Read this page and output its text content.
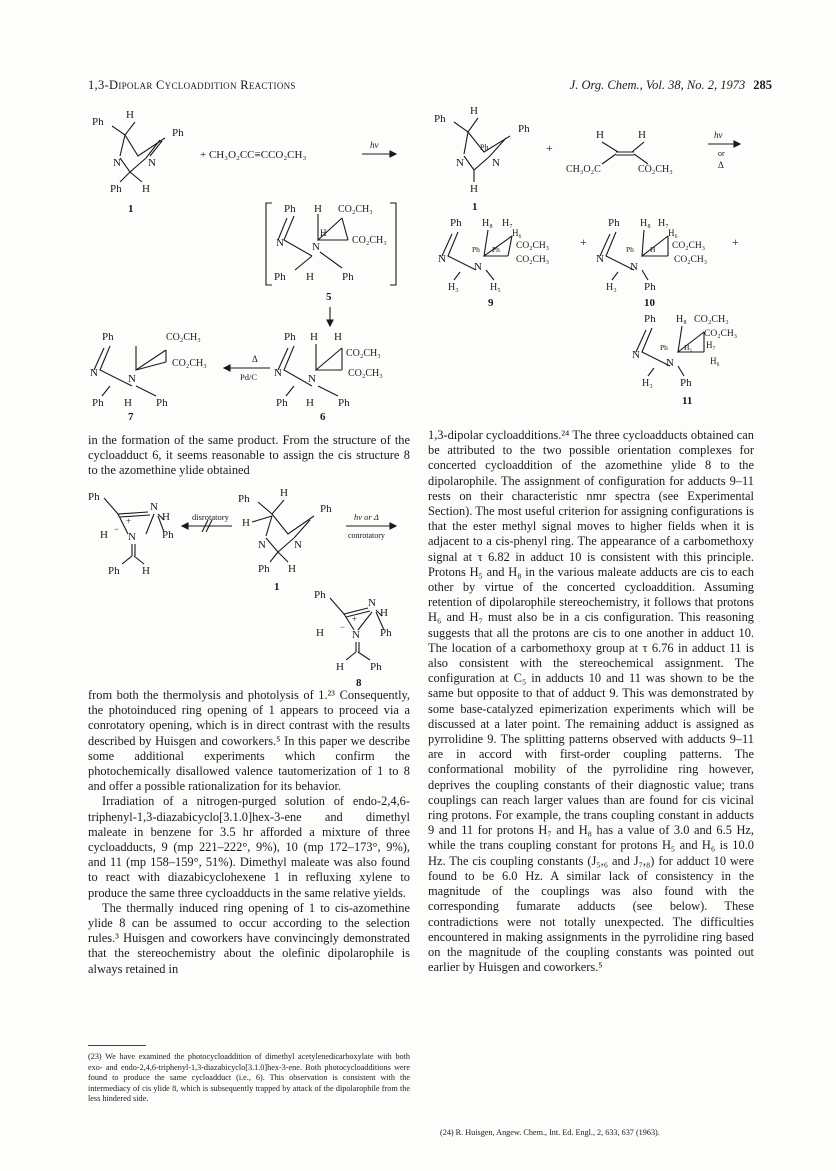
1,3-Dipolar Cycloaddition Reactions	J. Org. Chem., Vol. 38, No. 2, 1973 285
Ph
H
Ph
N N
Ph H
1
+ CH₃O₂CC≡CCO₂CH₃
hν
Ph H CO₂CH₃
CO₂CH₃
N	N
H
Ph H	Ph
5
Ph	CO₂CH₃
CO₂CH₃
N	N
Ph H Ph
7
Δ
Pd/C
Ph H H
CO₂CH₃
CO₂CH₃
N N
Ph H Ph
6
Ph
H
Ph
Ph
N	N
H
1
+
H	H
CH₃O₂C	CO₂CH₃
hν
or
Δ
Ph H₈ H₇
H₆
CO₂CH₃
CO₂CH₃
Ph Ph
N
N
H₃	H₅
9
+
Ph H₈ H₇
H₆
CO₂CH₃
CO₂CH₃
Ph H
N
N
H₃ Ph
10
+
Ph H₈ CO₂CH₃
CO₂CH₃
H₇
H₆
Ph H₅
N
N
H₃ Ph
11

in the formation of the same product. From the structure of the cycloadduct 6, it seems reasonable to assign the cis structure 8 to the azomethine ylide obtained

Ph
N
H
Ph
H −
+
N
Ph H
disrotatory
Ph	H
Ph
H
N	N
Ph H
1
hν or Δ
conrotatory
Ph
N
H
Ph
H −
+
N
H Ph
8

from both the thermolysis and photolysis of 1.²³ Consequently, the photoinduced ring opening of 1 appears to proceed via a conrotatory opening, which is in direct contrast with the results described by Huisgen and coworkers.⁵ In this paper we describe some additional experiments which confirm the photochemically disallowed valence tautomerization of 1 to 8 and offer a possible rationalization for its behavior.

Irradiation of a nitrogen-purged solution of endo-2,4,6-triphenyl-1,3-diazabicyclo[3.1.0]hex-3-ene and dimethyl maleate in benzene for 3.5 hr afforded a mixture of three cycloadducts, 9 (mp 221–222°, 9%), 10 (mp 172–173°, 9%), and 11 (mp 158–159°, 51%). Dimethyl maleate was also found to react with diazabicyclohexene 1 in refluxing xylene to produce the same three cycloadducts in the same relative yields.

The thermally induced ring opening of 1 to cis-azomethine ylide 8 can be assumed to occur according to the selection rules.³ Huisgen and coworkers have convincingly demonstrated that the stereochemistry about the olefinic dipolarophile is always retained in

(23) We have examined the photocycloaddition of dimethyl acetylenedicarboxylate with both exo- and endo-2,4,6-triphenyl-1,3-diazabicyclo[3.1.0]hex-3-ene. Both photocycloadditions were found to produce the same cycloadduct (i.e., 6). This observation is consistent with the intermediacy of cis ylide 8, which is subsequently trapped by attack of the dipolarophile from the less hindered side.

1,3-dipolar cycloadditions.²⁴ The three cycloadducts obtained can be attributed to the two possible orientation complexes for concerted cycloaddition of the azomethine ylide 8 to the dipolarophile. The assignment of configuration for adducts 9–11 rests on their characteristic nmr spectra (see Experimental Section). The most useful criterion for assigning configurations is that the ester methyl signal moves to higher fields when it is adjacent to a cis-phenyl ring. The appearance of a carbomethoxy signal at τ 6.82 in adduct 10 is consistent with this principle. Protons H₅ and H₈ in the various maleate adducts are cis to each other by virtue of the concerted cycloaddition. Assuming retention of dipolarophile stereochemistry, it follows that protons H₆ and H₇ must also be in a cis configuration. This reasoning suggests that all the protons are cis to one another in adduct 10. The location of a carbomethoxy group at τ 6.76 in adduct 11 is also consistent with the stereochemical assignment. The configuration at C₅ in adducts 10 and 11 was shown to be the same but opposite to that of adduct 9. This was demonstrated by some base-catalyzed epimerization experiments which will be discussed at a later point. The remaining adduct is assigned as pyrrolidine 9. The splitting patterns observed with adducts 9–11 are in accord with first-order coupling patterns. The conformational mobility of the pyrrolidine ring however, deprives the coupling constants of their diagnostic value; trans couplings can reach larger values than are found for cis vicinal ring protons. For example, the trans coupling constant in adducts 9 and 11 for protons H₇ and H₈ has a value of 3.0 and 6.5 Hz, while the trans coupling constant for protons H₅ and H₆ is 10.0 Hz. The cis coupling constants (J₅,₆ and J₇,₈) for adduct 10 were found to be 6.0 Hz. A similar lack of consistency in the magnitude of the couplings was also found with the corresponding fumarate adducts (see below). These contradictions were not totally unexpected. The difficulties encountered in making assignments in the pyrrolidine ring based on the magnitude of the coupling constants was pointed out earlier by Huisgen and coworkers.⁵

(24) R. Huisgen, Angew. Chem., Int. Ed. Engl., 2, 633, 637 (1963).
